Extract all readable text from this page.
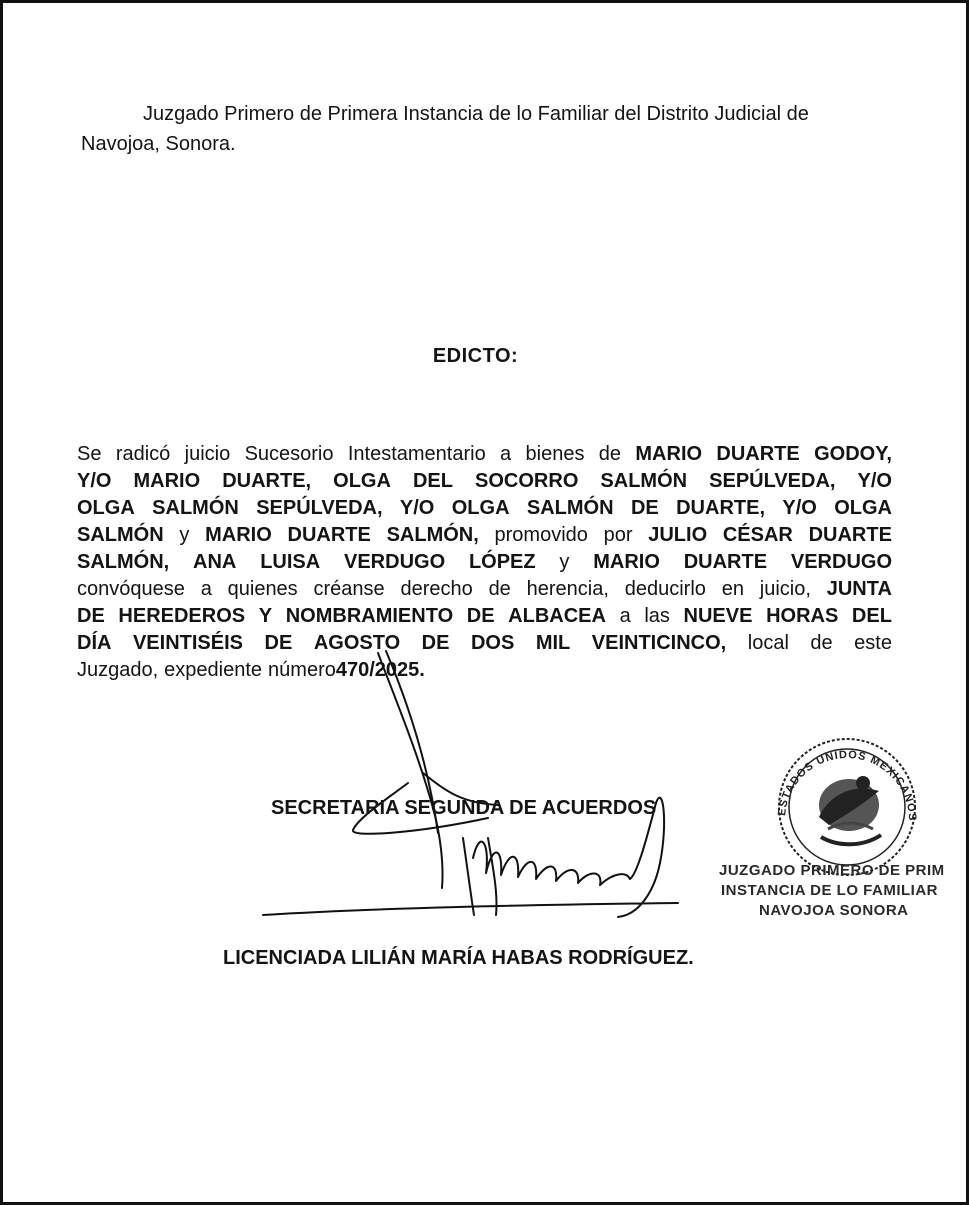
Juzgado Primero de Primera Instancia de lo Familiar del Distrito Judicial de
Navojoa, Sonora.
EDICTO:
Se radicó juicio Sucesorio Intestamentario a bienes de MARIO DUARTE GODOY,
Y/O MARIO DUARTE, OLGA DEL SOCORRO SALMÓN SEPÚLVEDA, Y/O
OLGA SALMÓN SEPÚLVEDA, Y/O OLGA SALMÓN DE DUARTE, Y/O OLGA
SALMÓN y MARIO DUARTE SALMÓN, promovido por JULIO CÉSAR DUARTE
SALMÓN, ANA LUISA VERDUGO LÓPEZ y MARIO DUARTE VERDUGO
convóquese a quienes créanse derecho de herencia, deducirlo en juicio, JUNTA
DE HEREDEROS Y NOMBRAMIENTO DE ALBACEA a las NUEVE HORAS DEL
DÍA VEINTISÉIS DE AGOSTO DE DOS MIL VEINTICINCO, local de este
Juzgado, expediente número 470/2025.
SECRETARIA SEGUNDA DE ACUERDOS
LICENCIADA LILIÁN MARÍA HABAS RODRÍGUEZ.
ESTADOS UNIDOS MEXICANOS
JUZGADO PRIMERO DE PRIM
INSTANCIA DE LO FAMILIAR
NAVOJOA SONORA
